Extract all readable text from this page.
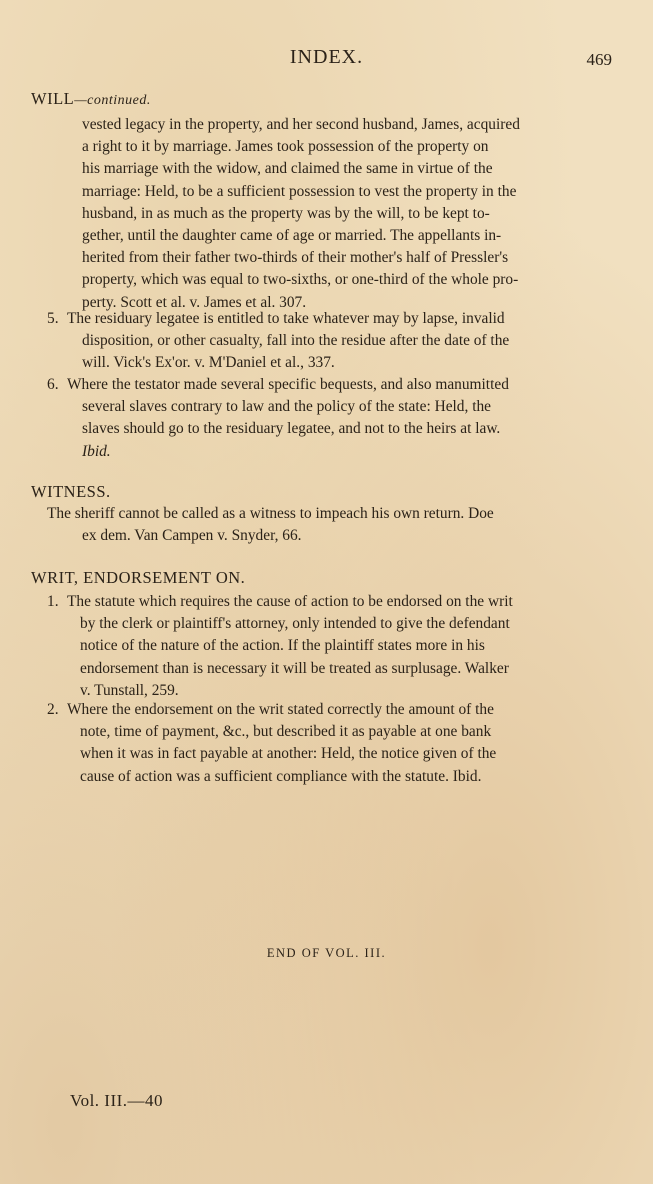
INDEX.	469
WILL—continued.
vested legacy in the property, and her second husband, James, acquired
a right to it by marriage. James took possession of the property on
his marriage with the widow, and claimed the same in virtue of the
marriage: Held, to be a sufficient possession to vest the property in the
husband, in as much as the property was by the will, to be kept to-
gether, until the daughter came of age or married. The appellants in-
herited from their father two-thirds of their mother's half of Pressler's
property, which was equal to two-sixths, or one-third of the whole pro-
perty. Scott et al. v. James et al. 307.
5. The residuary legatee is entitled to take whatever may by lapse, invalid
disposition, or other casualty, fall into the residue after the date of the
will. Vick's Ex'or. v. M'Daniel et al., 337.
6. Where the testator made several specific bequests, and also manumitted
several slaves contrary to law and the policy of the state: Held, the
slaves should go to the residuary legatee, and not to the heirs at law.
Ibid.
WITNESS.
The sheriff cannot be called as a witness to impeach his own return. Doe
ex dem. Van Campen v. Snyder, 66.
WRIT, ENDORSEMENT ON.
1. The statute which requires the cause of action to be endorsed on the writ
by the clerk or plaintiff's attorney, only intended to give the defendant
notice of the nature of the action. If the plaintiff states more in his
endorsement than is necessary it will be treated as surplusage. Walker
v. Tunstall, 259.
2. Where the endorsement on the writ stated correctly the amount of the
note, time of payment, &c., but described it as payable at one bank
when it was in fact payable at another: Held, the notice given of the
cause of action was a sufficient compliance with the statute. Ibid.
END OF VOL. III.
Vol. III.—40
